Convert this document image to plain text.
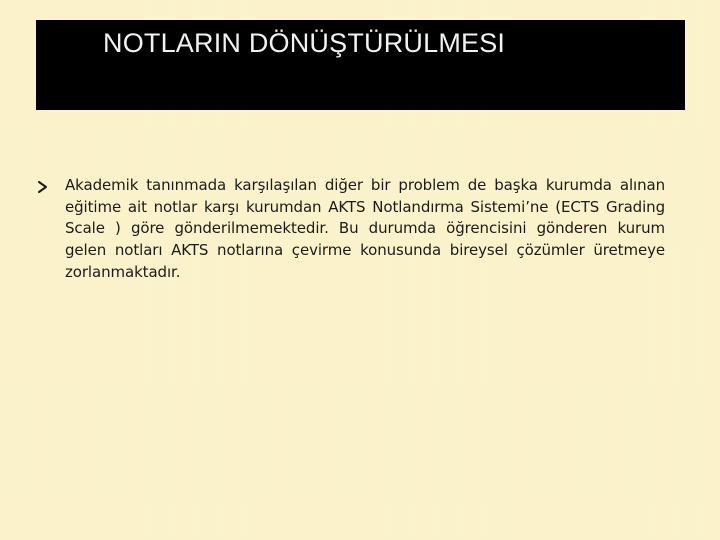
NOTLARIN DÖNÜŞTÜRÜLMESI
Akademik tanınmada karşılaşılan diğer bir problem de başka kurumda alınan eğitime ait notlar karşı kurumdan AKTS Notlandırma Sistemi’ne (ECTS Grading Scale ) göre gönderilmemektedir. Bu durumda öğrencisini gönderen kurum gelen notları AKTS notlarına çevirme konusunda bireysel çözümler üretmeye zorlanmaktadır.
